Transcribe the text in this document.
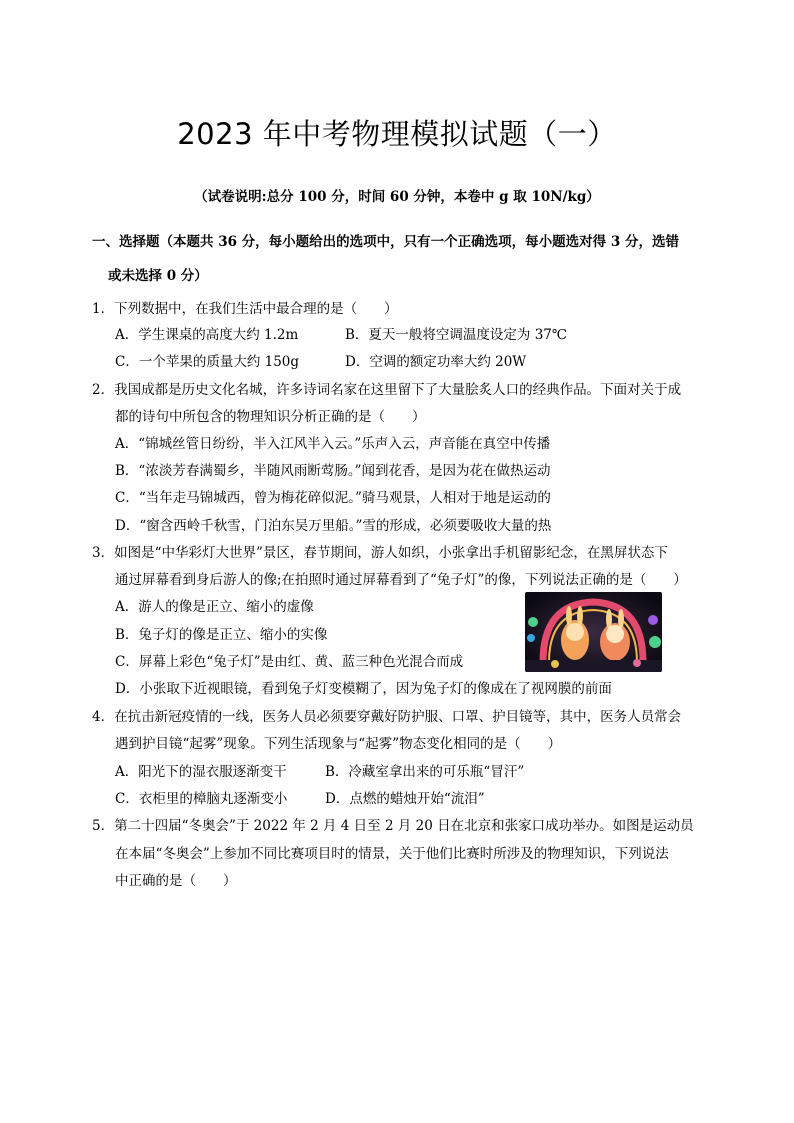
2023 年中考物理模拟试题（一）
（试卷说明:总分 100 分，时间 60 分钟，本卷中 g 取 10N/kg）
一、选择题（本题共 36 分，每小题给出的选项中，只有一个正确选项，每小题选对得 3 分，选错
或未选择 0 分）
1．下列数据中，在我们生活中最合理的是（　　）
A．学生课桌的高度大约 1.2m	B．夏天一般将空调温度设定为 37℃
C．一个苹果的质量大约 150g	D．空调的额定功率大约 20W
2．我国成都是历史文化名城，许多诗词名家在这里留下了大量脍炙人口的经典作品。下面对关于成
都的诗句中所包含的物理知识分析正确的是（　　）
A．“锦城丝管日纷纷，半入江风半入云。”乐声入云，声音能在真空中传播
B．“浓淡芳春满蜀乡，半随风雨断莺肠。”闻到花香，是因为花在做热运动
C．“当年走马锦城西，曾为梅花碎似泥。”骑马观景，人相对于地是运动的
D．“窗含西岭千秋雪，门泊东吴万里船。”雪的形成，必须要吸收大量的热
3．如图是“中华彩灯大世界”景区，春节期间，游人如织，小张拿出手机留影纪念，在黑屏状态下
通过屏幕看到身后游人的像;在拍照时通过屏幕看到了“兔子灯”的像，下列说法正确的是（　　）
A．游人的像是正立、缩小的虚像
B．兔子灯的像是正立、缩小的实像
C．屏幕上彩色“兔子灯”是由红、黄、蓝三种色光混合而成
D．小张取下近视眼镜，看到兔子灯变模糊了，因为兔子灯的像成在了视网膜的前面
4．在抗击新冠疫情的一线，医务人员必须要穿戴好防护服、口罩、护目镜等，其中，医务人员常会
遇到护目镜“起雾”现象。下列生活现象与“起雾”物态变化相同的是（　　）
A．阳光下的湿衣服逐渐变干	B．冷藏室拿出来的可乐瓶“冒汗”
C．衣柜里的樟脑丸逐渐变小	D．点燃的蜡烛开始“流泪”
5．第二十四届“冬奥会”于 2022 年 2 月 4 日至 2 月 20 日在北京和张家口成功举办。如图是运动员
在本届“冬奥会”上参加不同比赛项目时的情景，关于他们比赛时所涉及的物理知识，下列说法
中正确的是（　　）
